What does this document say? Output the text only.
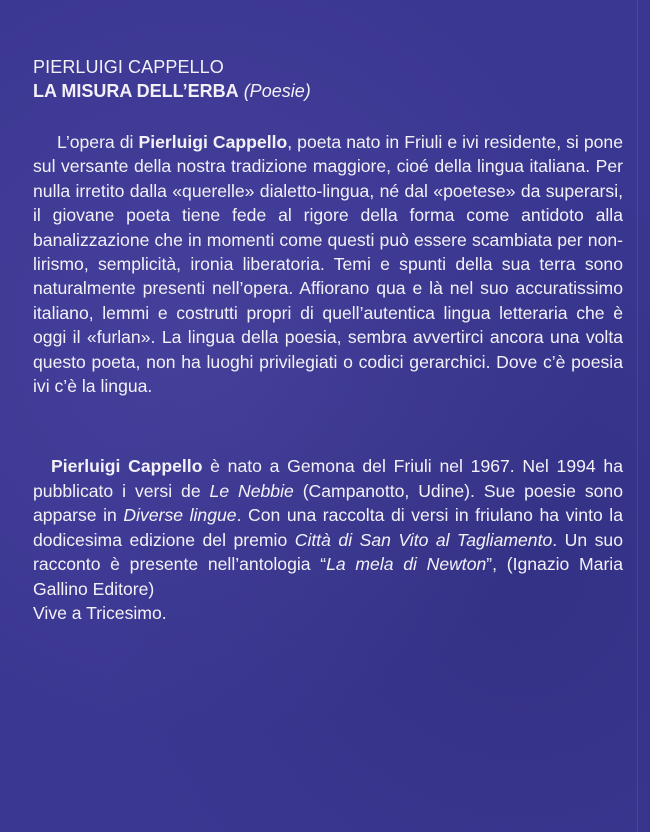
PIERLUIGI CAPPELLO
LA MISURA DELL’ERBA (Poesie)

L’opera di Pierluigi Cappello, poeta nato in Friuli e ivi residente, si pone sul versante della nostra tradizione maggiore, cioé della lingua italiana. Per nulla irretito dalla «querelle» dialetto-lingua, né dal «poetese» da superarsi, il giovane poeta tiene fede al rigore della forma come antidoto alla banalizzazione che in momenti come questi può essere scambiata per non-lirismo, semplicità, ironia liberatoria. Temi e spunti della sua terra sono naturalmente presenti nell’opera. Affiorano qua e là nel suo accuratissimo italiano, lemmi e costrutti propri di quell’autentica lingua letteraria che è oggi il «furlan». La lingua della poesia, sembra avvertirci ancora una volta questo poeta, non ha luoghi privilegiati o codici gerarchici. Dove c’è poesia ivi c’è la lingua.

Pierluigi Cappello è nato a Gemona del Friuli nel 1967. Nel 1994 ha pubblicato i versi de Le Nebbie (Campanotto, Udine). Sue poesie sono apparse in Diverse lingue. Con una raccolta di versi in friulano ha vinto la dodicesima edizione del premio Città di San Vito al Tagliamento. Un suo racconto è presente nell’antologia “La mela di Newton”, (Ignazio Maria Gallino Editore)
Vive a Tricesimo.
